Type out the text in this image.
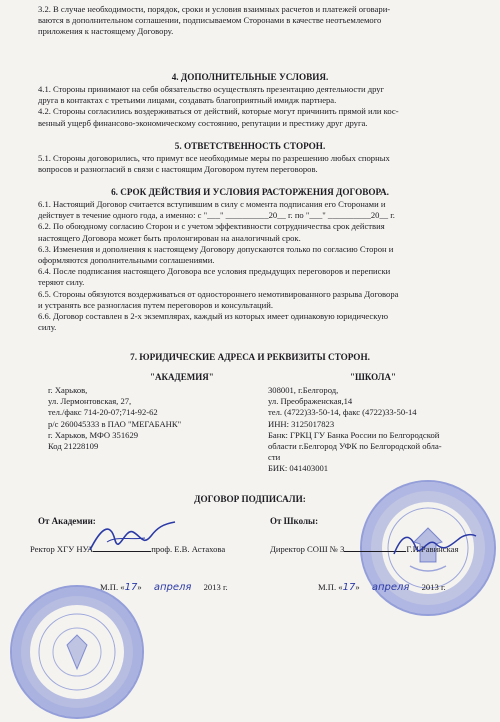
3.2. В случае необходимости, порядок, сроки и условия взаимных расчетов и платежей оговари-
ваются в дополнительном соглашении, подписываемом Сторонами в качестве неотъемлемого
приложения к настоящему Договору.
4. ДОПОЛНИТЕЛЬНЫЕ УСЛОВИЯ.
4.1. Стороны принимают на себя обязательство осуществлять презентацию деятельности друг
друга в контактах с третьими лицами, создавать благоприятный имидж партнера.
4.2. Стороны согласились воздерживаться от действий, которые могут причинить прямой или кос-
венный ущерб финансово-экономическому состоянию, репутации и престижу друг друга.
5. ОТВЕТСТВЕННОСТЬ СТОРОН.
5.1. Стороны договорились, что примут все необходимые меры по разрешению любых спорных
вопросов и разногласий в связи с настоящим Договором путем переговоров.
6. СРОК ДЕЙСТВИЯ И УСЛОВИЯ РАСТОРЖЕНИЯ ДОГОВОРА.
6.1. Настоящий Договор считается вступившим в силу с момента подписания его Сторонами и
действует в течение одного года, а именно: с "___" __________20__ г. по "___" __________20__ г.
6.2. По обоюдному согласию Сторон и с учетом эффективности сотрудничества срок действия
настоящего Договора может быть пролонгирован на аналогичный срок.
6.3. Изменения и дополнения к настоящему Договору допускаются только по согласию Сторон и
оформляются дополнительными соглашениями.
6.4. После подписания настоящего Договора все условия предыдущих переговоров и переписки
теряют силу.
6.5. Стороны обязуются воздерживаться от одностороннего немотивированного разрыва Договора
и устранять все разногласия путем переговоров и консультаций.
6.6. Договор составлен в 2-х экземплярах, каждый из которых имеет одинаковую юридическую
силу.
7. ЮРИДИЧЕСКИЕ АДРЕСА И РЕКВИЗИТЫ СТОРОН.
"АКАДЕМИЯ"	"ШКОЛА"
г. Харьков,
ул. Лермонтовская, 27,
тел./факс 714-20-07;714-92-62
р/с 260045333 в ПАО "МЕГАБАНК"
г. Харьков, МФО 351629
Код 21228109
308001, г.Белгород,
ул. Преображенская,14
тел. (4722)33-50-14, факс (4722)33-50-14
ИНН: 3125017823
Банк: ГРКЦ ГУ Банка России по Белгородской
области г.Белгород УФК по Белгородской обла-
сти
БИК: 041403001
ДОГОВОР ПОДПИСАЛИ:
От Академии:	От Школы:
Ректор ХГУ НУА	проф. Е.В. Астахова	Директор СОШ № 3	Г.И.Равинская
М.П. «17» апреля 2013 г.	М.П. «17» апреля 2013 г.
